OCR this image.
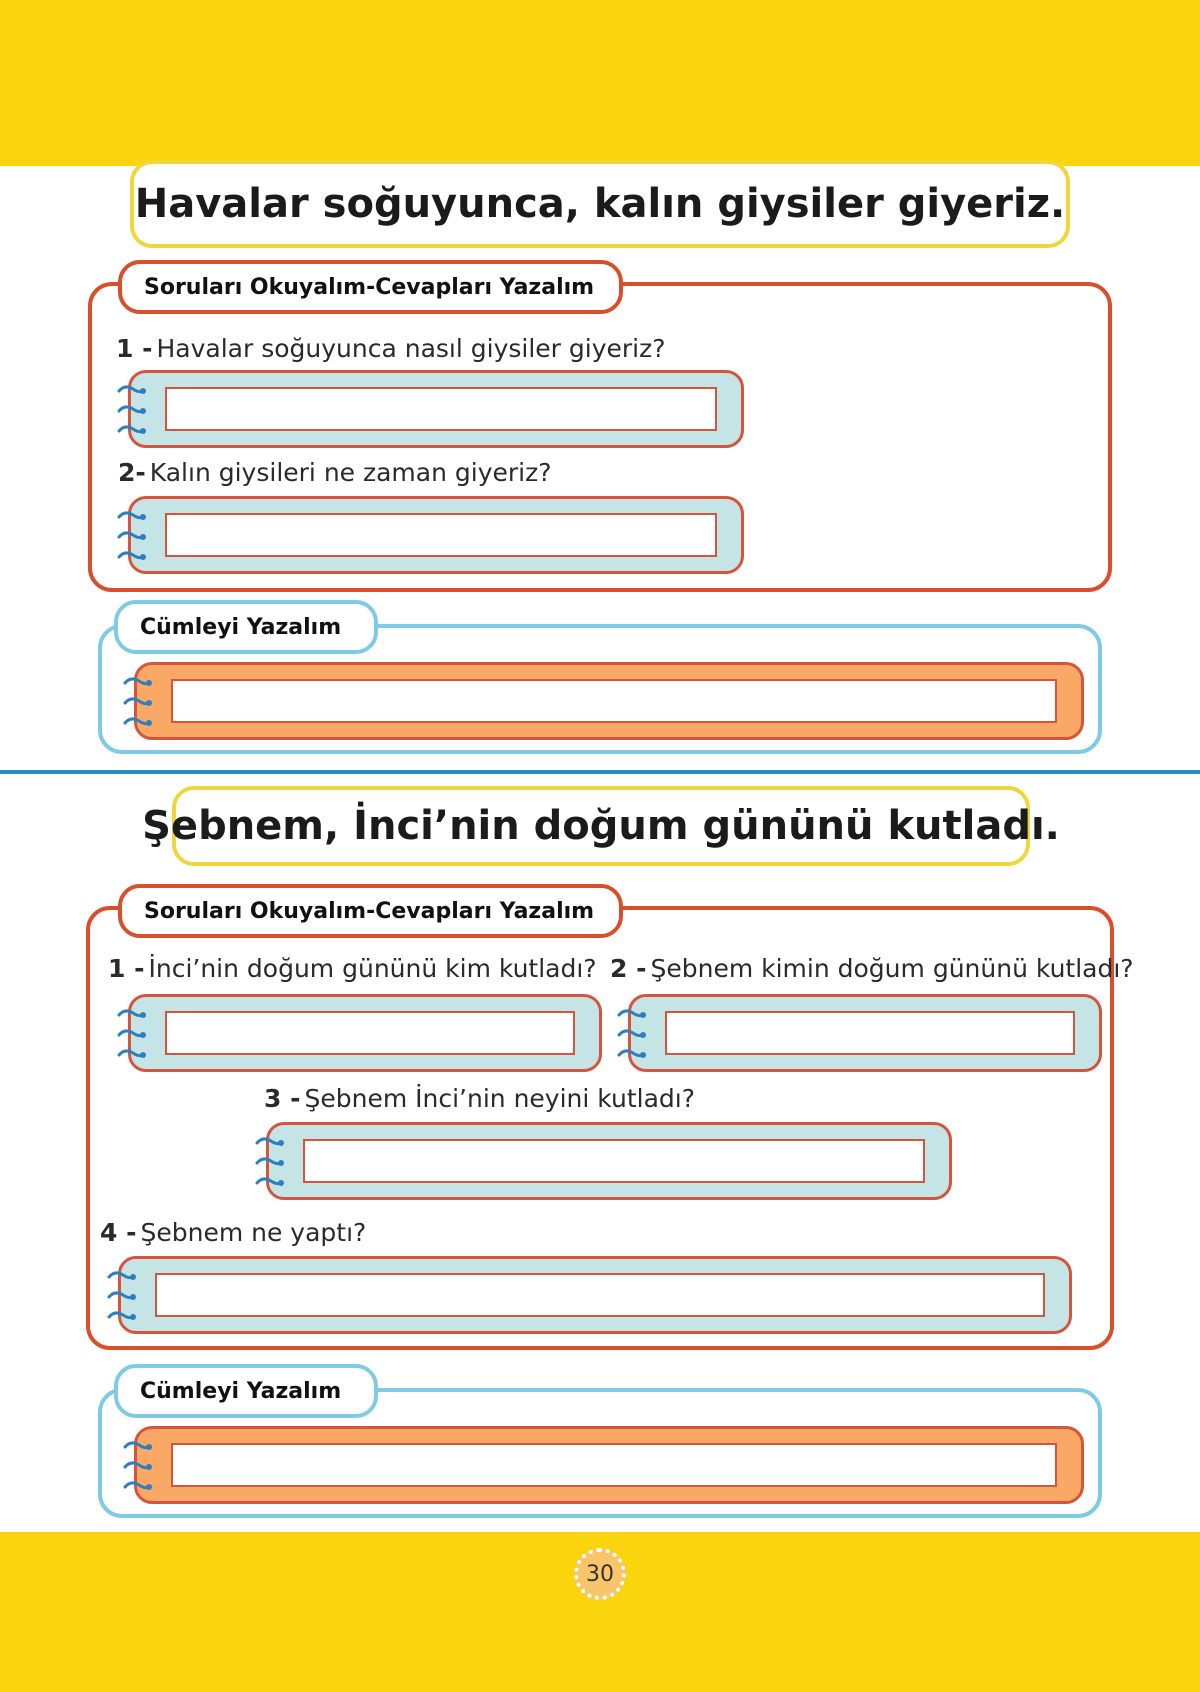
Havalar soğuyunca, kalın giysiler giyeriz.
Soruları Okuyalım-Cevapları Yazalım
1 - Havalar soğuyunca nasıl giysiler giyeriz?
2- Kalın giysileri ne zaman giyeriz?
Cümleyi Yazalım
Şebnem, İnci’nin doğum gününü kutladı.
Soruları Okuyalım-Cevapları Yazalım
1 - İnci’nin doğum gününü kim kutladı? 2 - Şebnem kimin doğum gününü kutladı?
3 - Şebnem İnci’nin neyini kutladı?
4 - Şebnem ne yaptı?
Cümleyi Yazalım
30
